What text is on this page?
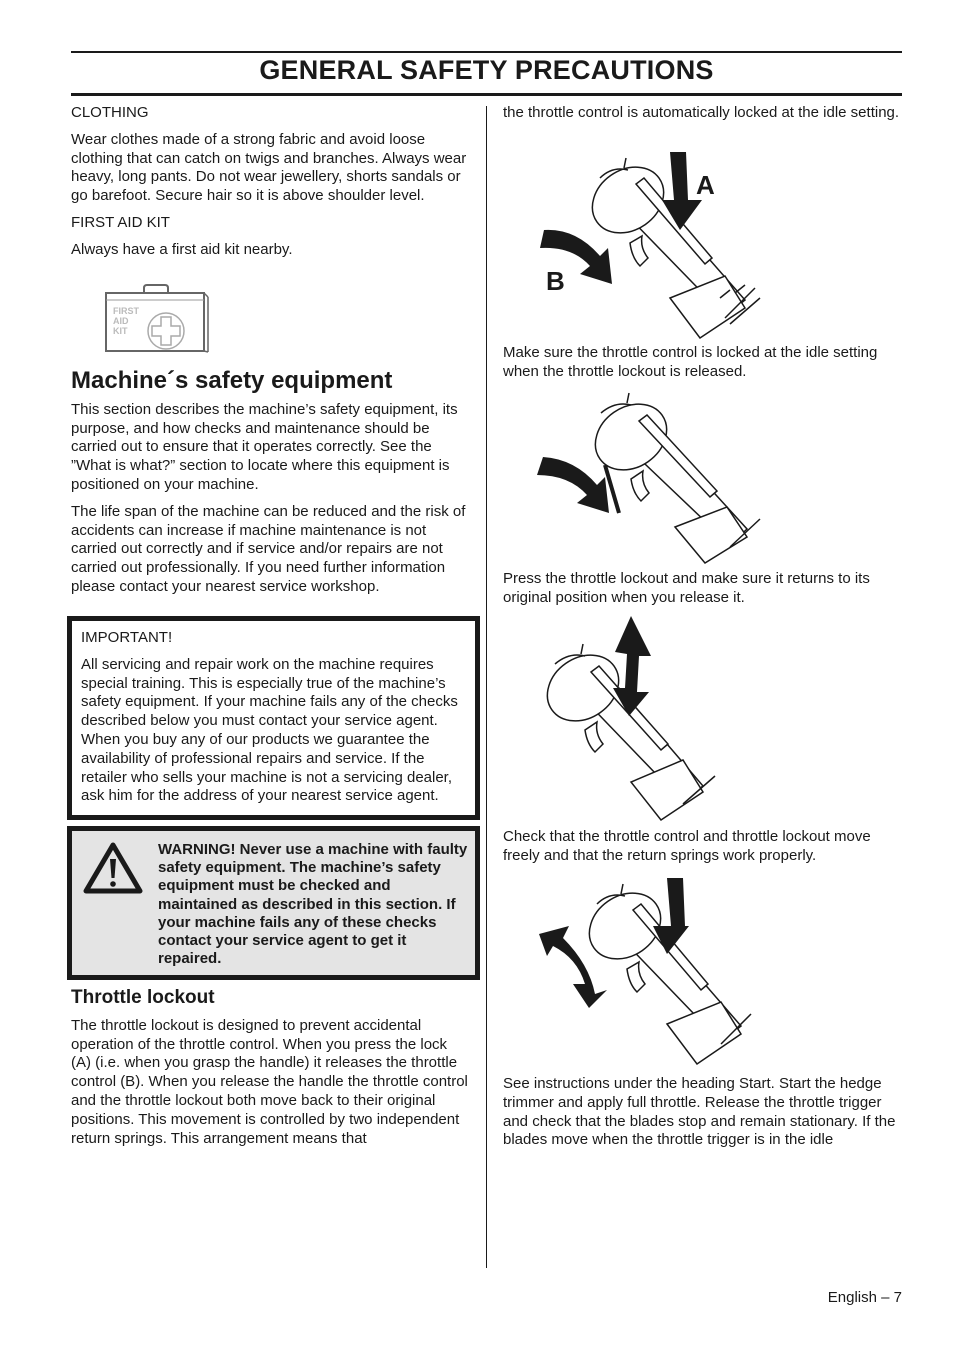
GENERAL SAFETY PRECAUTIONS
CLOTHING

Wear clothes made of a strong fabric and avoid loose clothing that can catch on twigs and branches. Always wear heavy, long pants. Do not wear jewellery, shorts sandals or go barefoot. Secure hair so it is above shoulder level.

FIRST AID KIT

Always have a first aid kit nearby.

FIRST
AID
KIT
Machine´s safety equipment

This section describes the machine’s safety equipment, its purpose, and how checks and maintenance should be carried out to ensure that it operates correctly. See the ”What is what?” section to locate where this equipment is positioned on your machine.

The life span of the machine can be reduced and the risk of accidents can increase if machine maintenance is not carried out correctly and if service and/or repairs are not carried out professionally. If you need further information please contact your nearest service workshop.

IMPORTANT!

All servicing and repair work on the machine requires special training. This is especially true of the machine’s safety equipment. If your machine fails any of the checks described below you must contact your service agent. When you buy any of our products we guarantee the availability of professional repairs and service. If the retailer who sells your machine is not a servicing dealer, ask him for the address of your nearest service agent.

WARNING! Never use a machine with faulty safety equipment. The machine’s safety equipment must be checked and maintained as described in this section. If your machine fails any of these checks contact your service agent to get it repaired.
Throttle lockout

The throttle lockout is designed to prevent accidental operation of the throttle control. When you press the lock (A) (i.e. when you grasp the handle) it releases the throttle control (B). When you release the handle the throttle control and the throttle lockout both move back to their original positions. This movement is controlled by two independent return springs. This arrangement means that

the throttle control is automatically locked at the idle setting.

A
B

Make sure the throttle control is locked at the idle setting when the throttle lockout is released.

Press the throttle lockout and make sure it returns to its original position when you release it.

Check that the throttle control and throttle lockout move freely and that the return springs work properly.

See instructions under the heading Start. Start the hedge trimmer and apply full throttle. Release the throttle trigger and check that the blades stop and remain stationary. If the blades move when the throttle trigger is in the idle

English – 7
